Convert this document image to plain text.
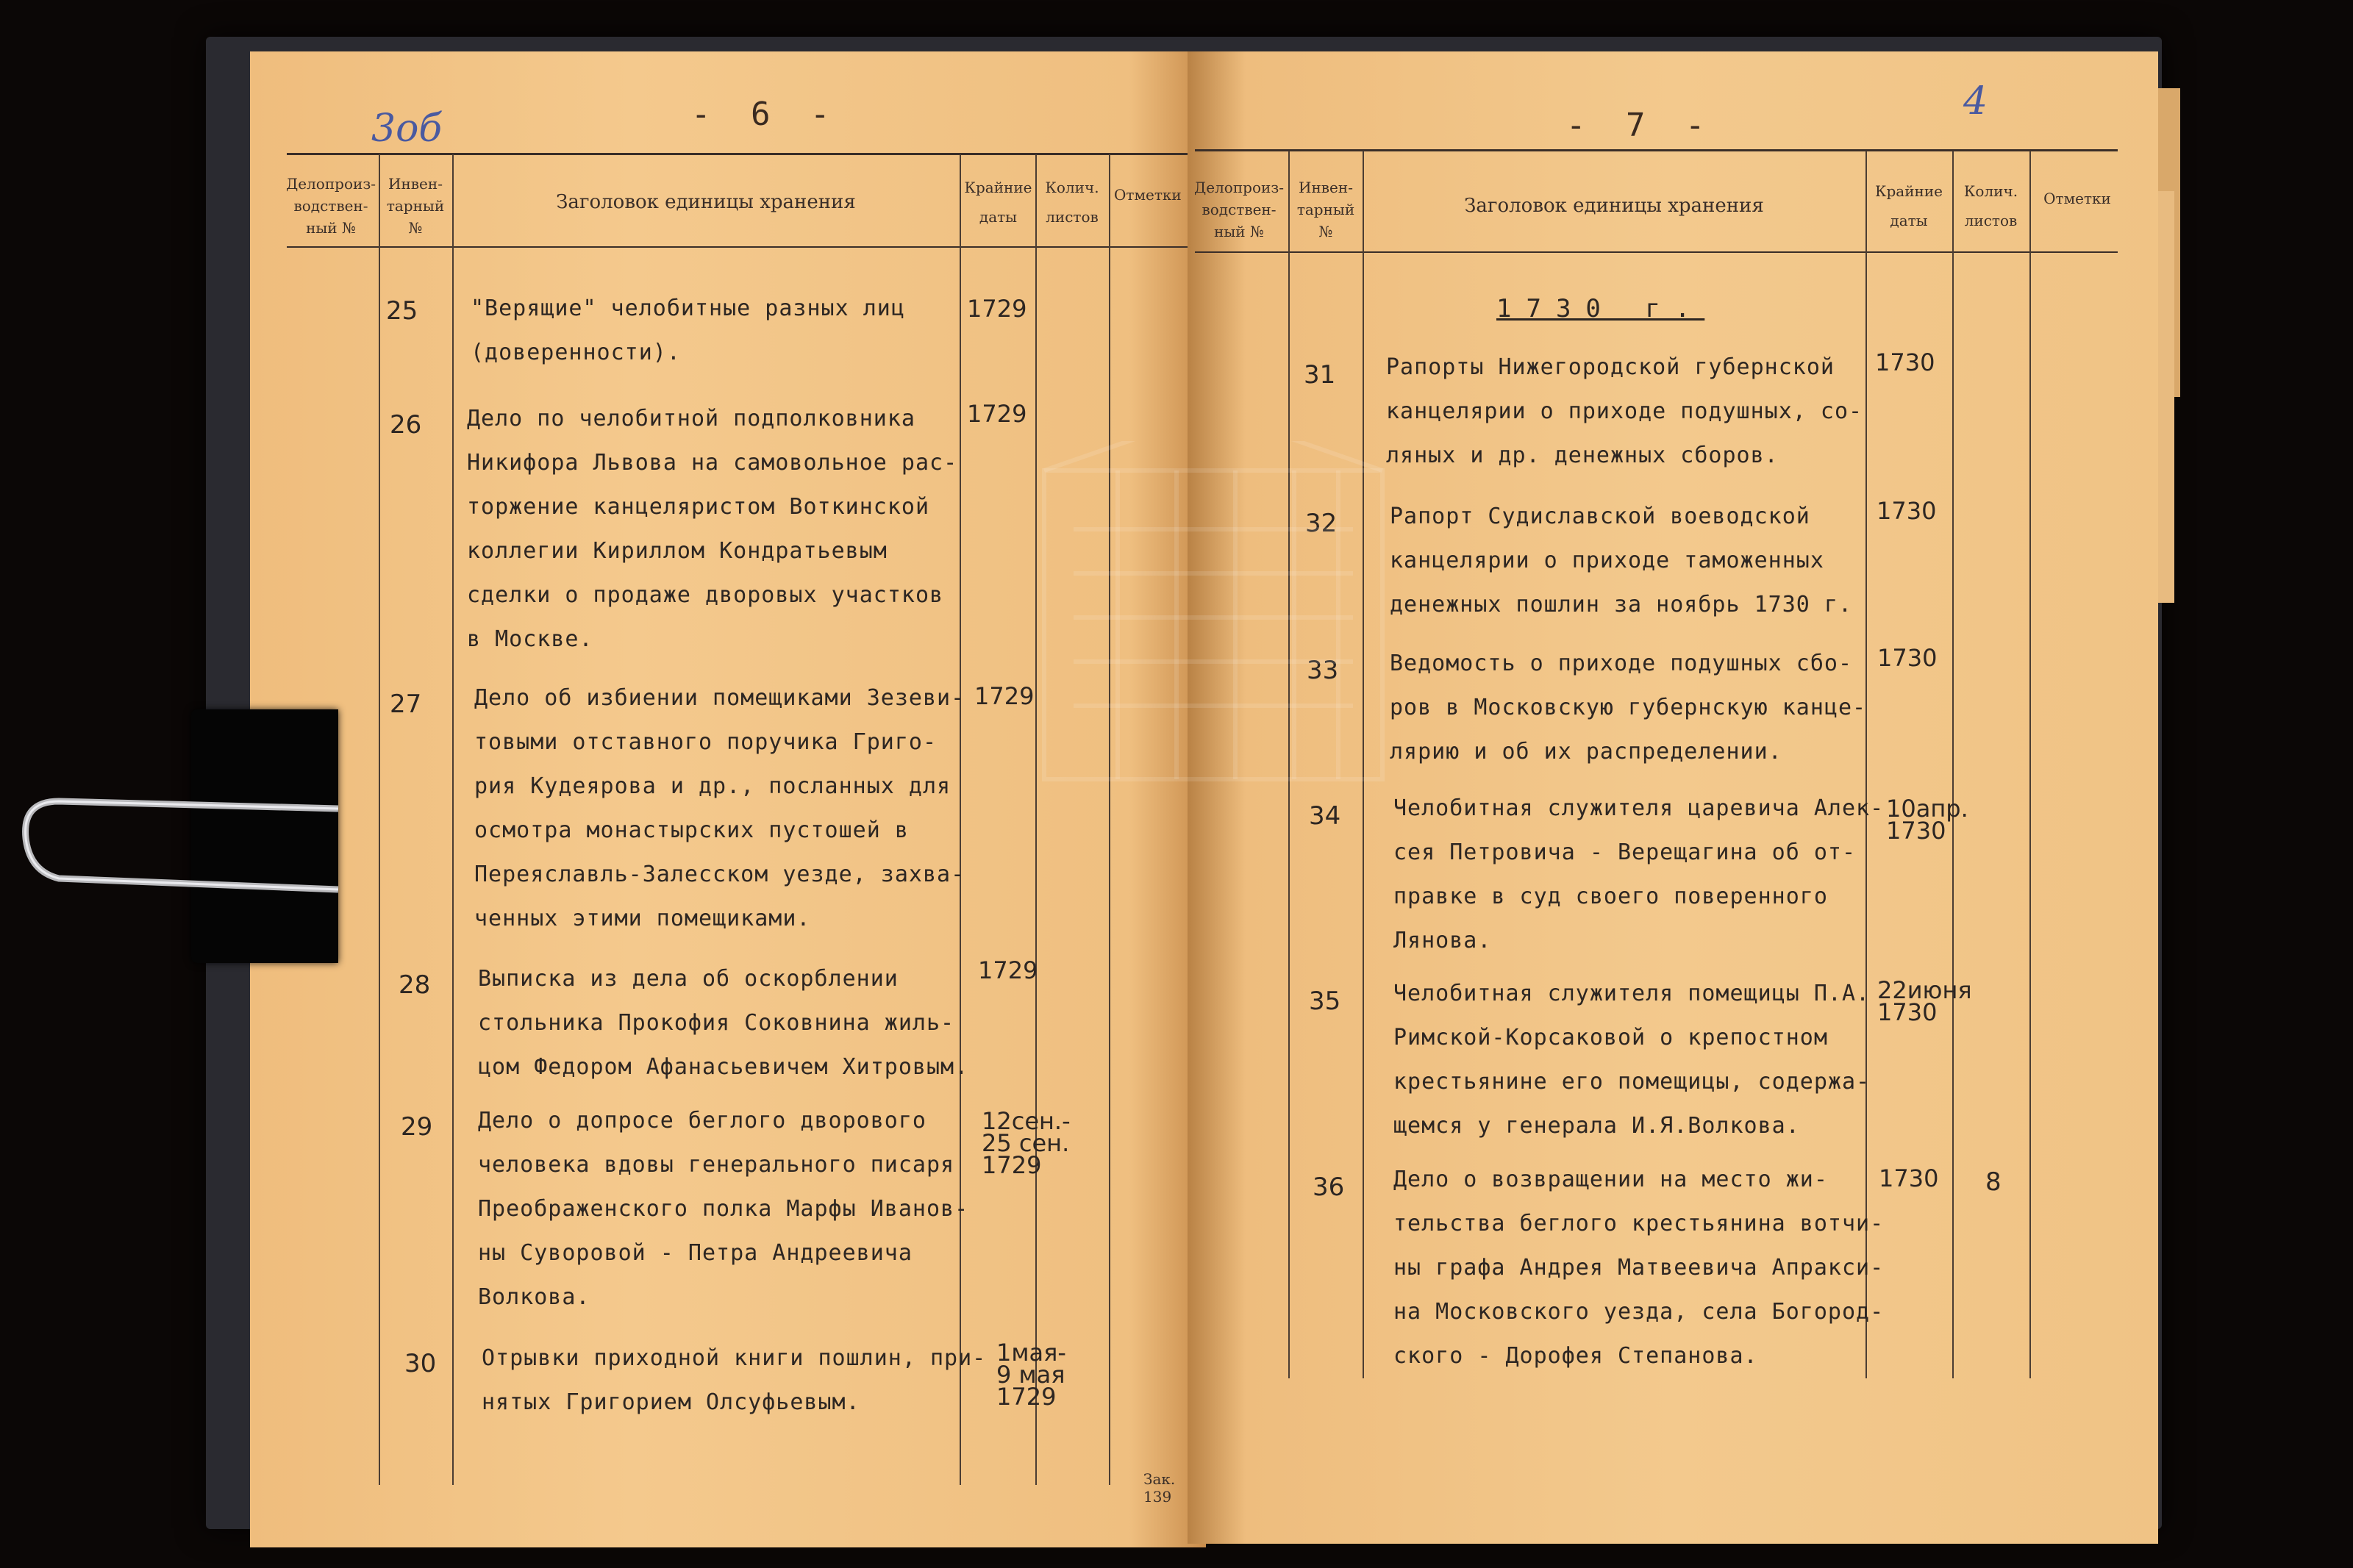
3об	- 6 -
Делопроиз-
водствен-
ный №
Инвен-
тарный
№
Заголовок единицы хранения
Крайние
даты
Колич.
листов
Отметки
25 "Верящие" челобитные разных лиц
(доверенности).
1729
26 Дело по челобитной подполковника
Никифора Львова на самовольное рас-
торжение канцеляристом Воткинской
коллегии Кириллом Кондратьевым
сделки о продаже дворовых участков
в Москве.
1729
27 Дело об избиении помещиками Зезеви-
товыми отставного поручика Григо-
рия Кудеярова и др., посланных для
осмотра монастырских пустошей в
Переяславль-Залесском уезде, захва-
ченных этими помещиками.
1729
28 Выписка из дела об оскорблении
стольника Прокофия Соковнина жиль-
цом Федором Афанасьевичем Хитровым.
1729
29 Дело о допросе беглого дворового
человека вдовы генерального писаря
Преображенского полка Марфы Иванов-
ны Суворовой - Петра Андреевича
Волкова.
12сен.-
25 сен.
1729
30 Отрывки приходной книги пошлин, при-
нятых Григорием Олсуфьевым.
1мая-
9 мая
1729
Зак. 139
4
- 7 -
Делопроиз-
водствен-
ный №
Инвен-
тарный
№
Заголовок единицы хранения
Крайние
даты
Колич.
листов
Отметки
1730 г.
31 Рапорты Нижегородской губернской
канцелярии о приходе подушных, со-
ляных и др. денежных сборов.
1730
32 Рапорт Судиславской воеводской
канцелярии о приходе таможенных
денежных пошлин за ноябрь 1730 г.
1730
33 Ведомость о приходе подушных сбо-
ров в Московскую губернскую канце-
лярию и об их распределении.
1730
34 Челобитная служителя царевича Алек-
сея Петровича - Верещагина об от-
правке в суд своего поверенного
Лянова.
10апр.
1730
35 Челобитная служителя помещицы П.А.
Римской-Корсаковой о крепостном
крестьянине его помещицы, содержа-
щемся у генерала И.Я.Волкова.
22июня
1730
36 Дело о возвращении на место жи-
тельства беглого крестьянина вотчи-
ны графа Андрея Матвеевича Апракси-
на Московского уезда, села Богород-
ского - Дорофея Степанова.
1730 8
